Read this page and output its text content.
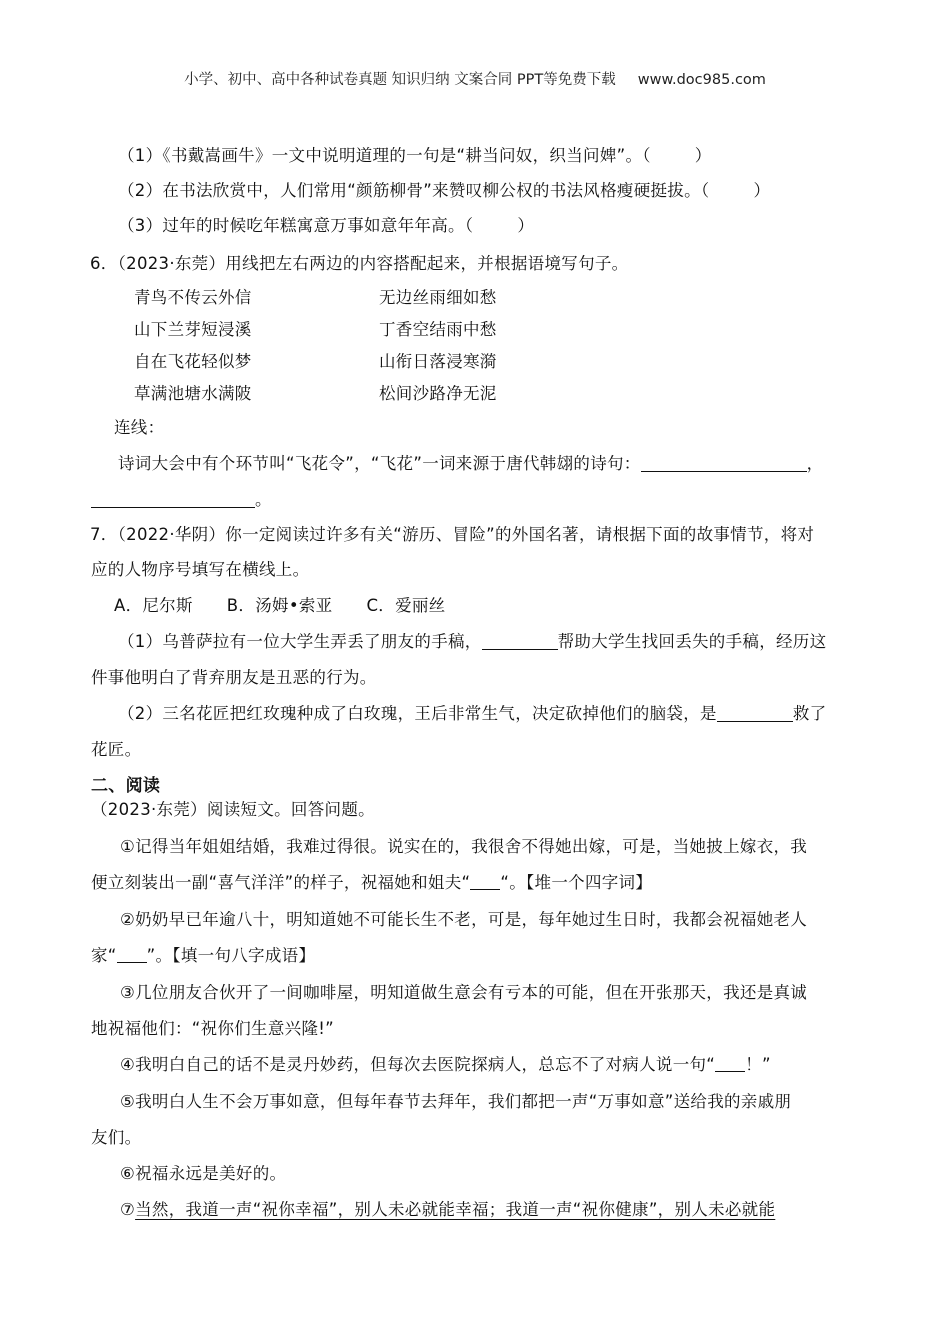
小学、初中、高中各种试卷真题 知识归纳 文案合同 PPT等免费下载 www.doc985.com
（1）《书戴嵩画牛》一文中说明道理的一句是“耕当问奴，织当问婢”。（	）
（2）在书法欣赏中，人们常用“颜筋柳骨”来赞叹柳公权的书法风格瘦硬挺拔。（	）
（3）过年的时候吃年糕寓意万事如意年年高。（	）
6．（2023·东莞）用线把左右两边的内容搭配起来，并根据语境写句子。
青鸟不传云外信	无边丝雨细如愁
山下兰芽短浸溪	丁香空结雨中愁
自在飞花轻似梦	山衔日落浸寒漪
草满池塘水满陂	松间沙路净无泥
连线：
诗词大会中有个环节叫“飞花令”，“飞花”一词来源于唐代韩翃的诗句：	，
。
7．（2022·华阴）你一定阅读过许多有关“游历、冒险”的外国名著，请根据下面的故事情节，将对
应的人物序号填写在横线上。
A．尼尔斯 B．汤姆•索亚 C．爱丽丝
（1）乌普萨拉有一位大学生弄丢了朋友的手稿，	帮助大学生找回丢失的手稿，经历这
件事他明白了背弃朋友是丑恶的行为。
（2）三名花匠把红玫瑰种成了白玫瑰，王后非常生气，决定砍掉他们的脑袋，是	救了
花匠。
二、阅读
（2023·东莞）阅读短文。回答问题。
①记得当年姐姐结婚，我难过得很。说实在的，我很舍不得她出嫁，可是，当她披上嫁衣，我
便立刻装出一副“喜气洋洋”的样子，祝福她和姐夫“ “。【堆一个四字词】
②奶奶早已年逾八十，明知道她不可能长生不老，可是，每年她过生日时，我都会祝福她老人
家“ ”。【填一句八字成语】
③几位朋友合伙开了一间咖啡屋，明知道做生意会有亏本的可能，但在开张那天，我还是真诚
地祝福他们：“祝你们生意兴隆!”
④我明白自己的话不是灵丹妙药，但每次去医院探病人，总忘不了对病人说一句“ ！”
⑤我明白人生不会万事如意，但每年春节去拜年，我们都把一声“万事如意”送给我的亲戚朋
友们。
⑥祝福永远是美好的。
⑦当然，我道一声“祝你幸福”，别人未必就能幸福；我道一声“祝你健康”，别人未必就能
